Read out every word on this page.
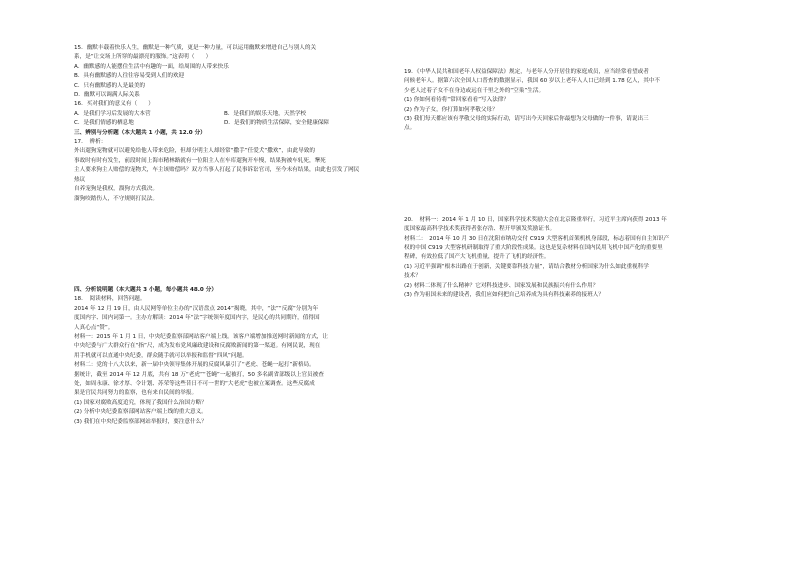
15．幽默丰载着快乐人生，幽默是一种气质，更是一种力量，可以运用幽默来增进自己与别人的关
系，是“让交场上所穿的最漂亮的服饰。”这表明（　　）
A．幽默感的人能摆住生活中有趣的一面，给周围的人带来快乐
B．具有幽默感的人往往容易受到人们的欢迎
C．只有幽默感的人是最美的
D．幽默可以调满人际关系
16．买对我们的意义有（　　）
A．是我们学习后发展的大本营	B．是我们的娱乐天地，天然学校
C．是我们情感的栖息地	D．是我们的物质生活保障，安全健康保障
三、辨别与分析题（本大题共 1 小题，共 12.0 分）
17．　辨析：
外出遛狗宠物就可以避免给他人带来危险，但却分明主人却经常“撒手”任爱犬“撒欢”，由此导致的
事故时有时有发生，前段时间上海市精林路就有一位阳主人在车库遛狗开车慢，结果狗被车轧死，犟死
主人要求狗主人赔偿的宠物犬，车主该赔偿吗？双方当事人打起了民事诉讼官司，至今未有结果，由此也引发了网民
热议
自养宠狗是我权，溜狗方式我决。
溜狗咬踏伤人，不守规则打民法。
四、分析说明题（本大题共 3 小题，每小题共 48.0 分）
18．　阅读材料，回答问题。
2014 年 12 月 19 日，由人民网等单位主办的“汉语盘点 2014”揭晓，其中，“法”“反腐”分别为年
度国内字、国内词第一。主办方解读：2014 年“法”字统领年度国内字，是民心的共同期许，值得国
人真心点“赞”。
材料一：2015 年 1 月 1 日，中央纪委监察部网站客户端上线。该客户端增加推送网时新闻的方式，让
中央纪委与广大群众行在“指”尺，成为发布党风廉政建设和反腐败新闻的第一渠道。有网民说，现在
用手机就可以直通中央纪委，群众随手就可以举报和监督“四风”问题。
材料二：党的十八大以来，新一届中央领导集体开展的反腐风暴引了“老虎、苍蝇一起打”新格局。
据统计，截至 2014 年 12 月底，共有 18 万“老虎”“苍蝇”一起被打，50 多名副省部级以上官员被查
处，如周永康、徐才厚、令计划、苏荣等这些昔日不可一世的“大老虎”也被立案调查。这些反腐成
果是官民共同努力的监察，也有来自民间的举报。
(1) 国家对腐败高度追究，体现了我国什么治国方略？
(2) 分析中央纪委监察部网站客户端上线的重大意义。
(3) 我们在中央纪委监察部网站举报时，要注意什么？
19．《中华人民共和国老年人权益保障法》规定，与老年人分开居住的家庭成员，应当经常看望或者
问候老年人。据第六次全国人口普查的数据显示，我国 60 岁以上老年人人口已经到 1.78 亿人，其中不
少老人过着子女不在身边或远在千里之外的“空巢”生活。
(1) 你如何看待将“常回家看看”写入法律？
(2) 作为子女，你打算如何孝敬父母？
(3) 我们每天都应该有孝敬父母的实际行动，请写出今天回家后你最想为父母做的一件事，请说出三
点。
20．　材料一：2014 年 1 月 10 日，国家科学技术奖励大会在北京隆重举行，习近平主席向获得 2013 年
度国家最高科学技术奖获得者张存浩、程开甲颁发奖励证书。
材料二：　2014 年 10 月 30 日在沈阳市纳功交付 C919 大型客机首架机机身部段，标志着国有自主知识产
权的中国 C919 大型客机研制取得了重大阶段性成果。这也是复杂材料在国内民用飞机中国产化的重要里
程碑，有效拉低了国产大飞机重量，提升了飞机的经济性。
(1) 习近平强调“根本出路在于创新，关键要靠科技力量”，请结合教材分析国家为什么如此重视科学
技术？
(2) 材料二体现了什么精神？它对科技进步、国家发展和民族振兴有什么作用？
(3) 作为祖国未来的建设者，我们应如何把自己培养成为具有科技素养的接班人？
